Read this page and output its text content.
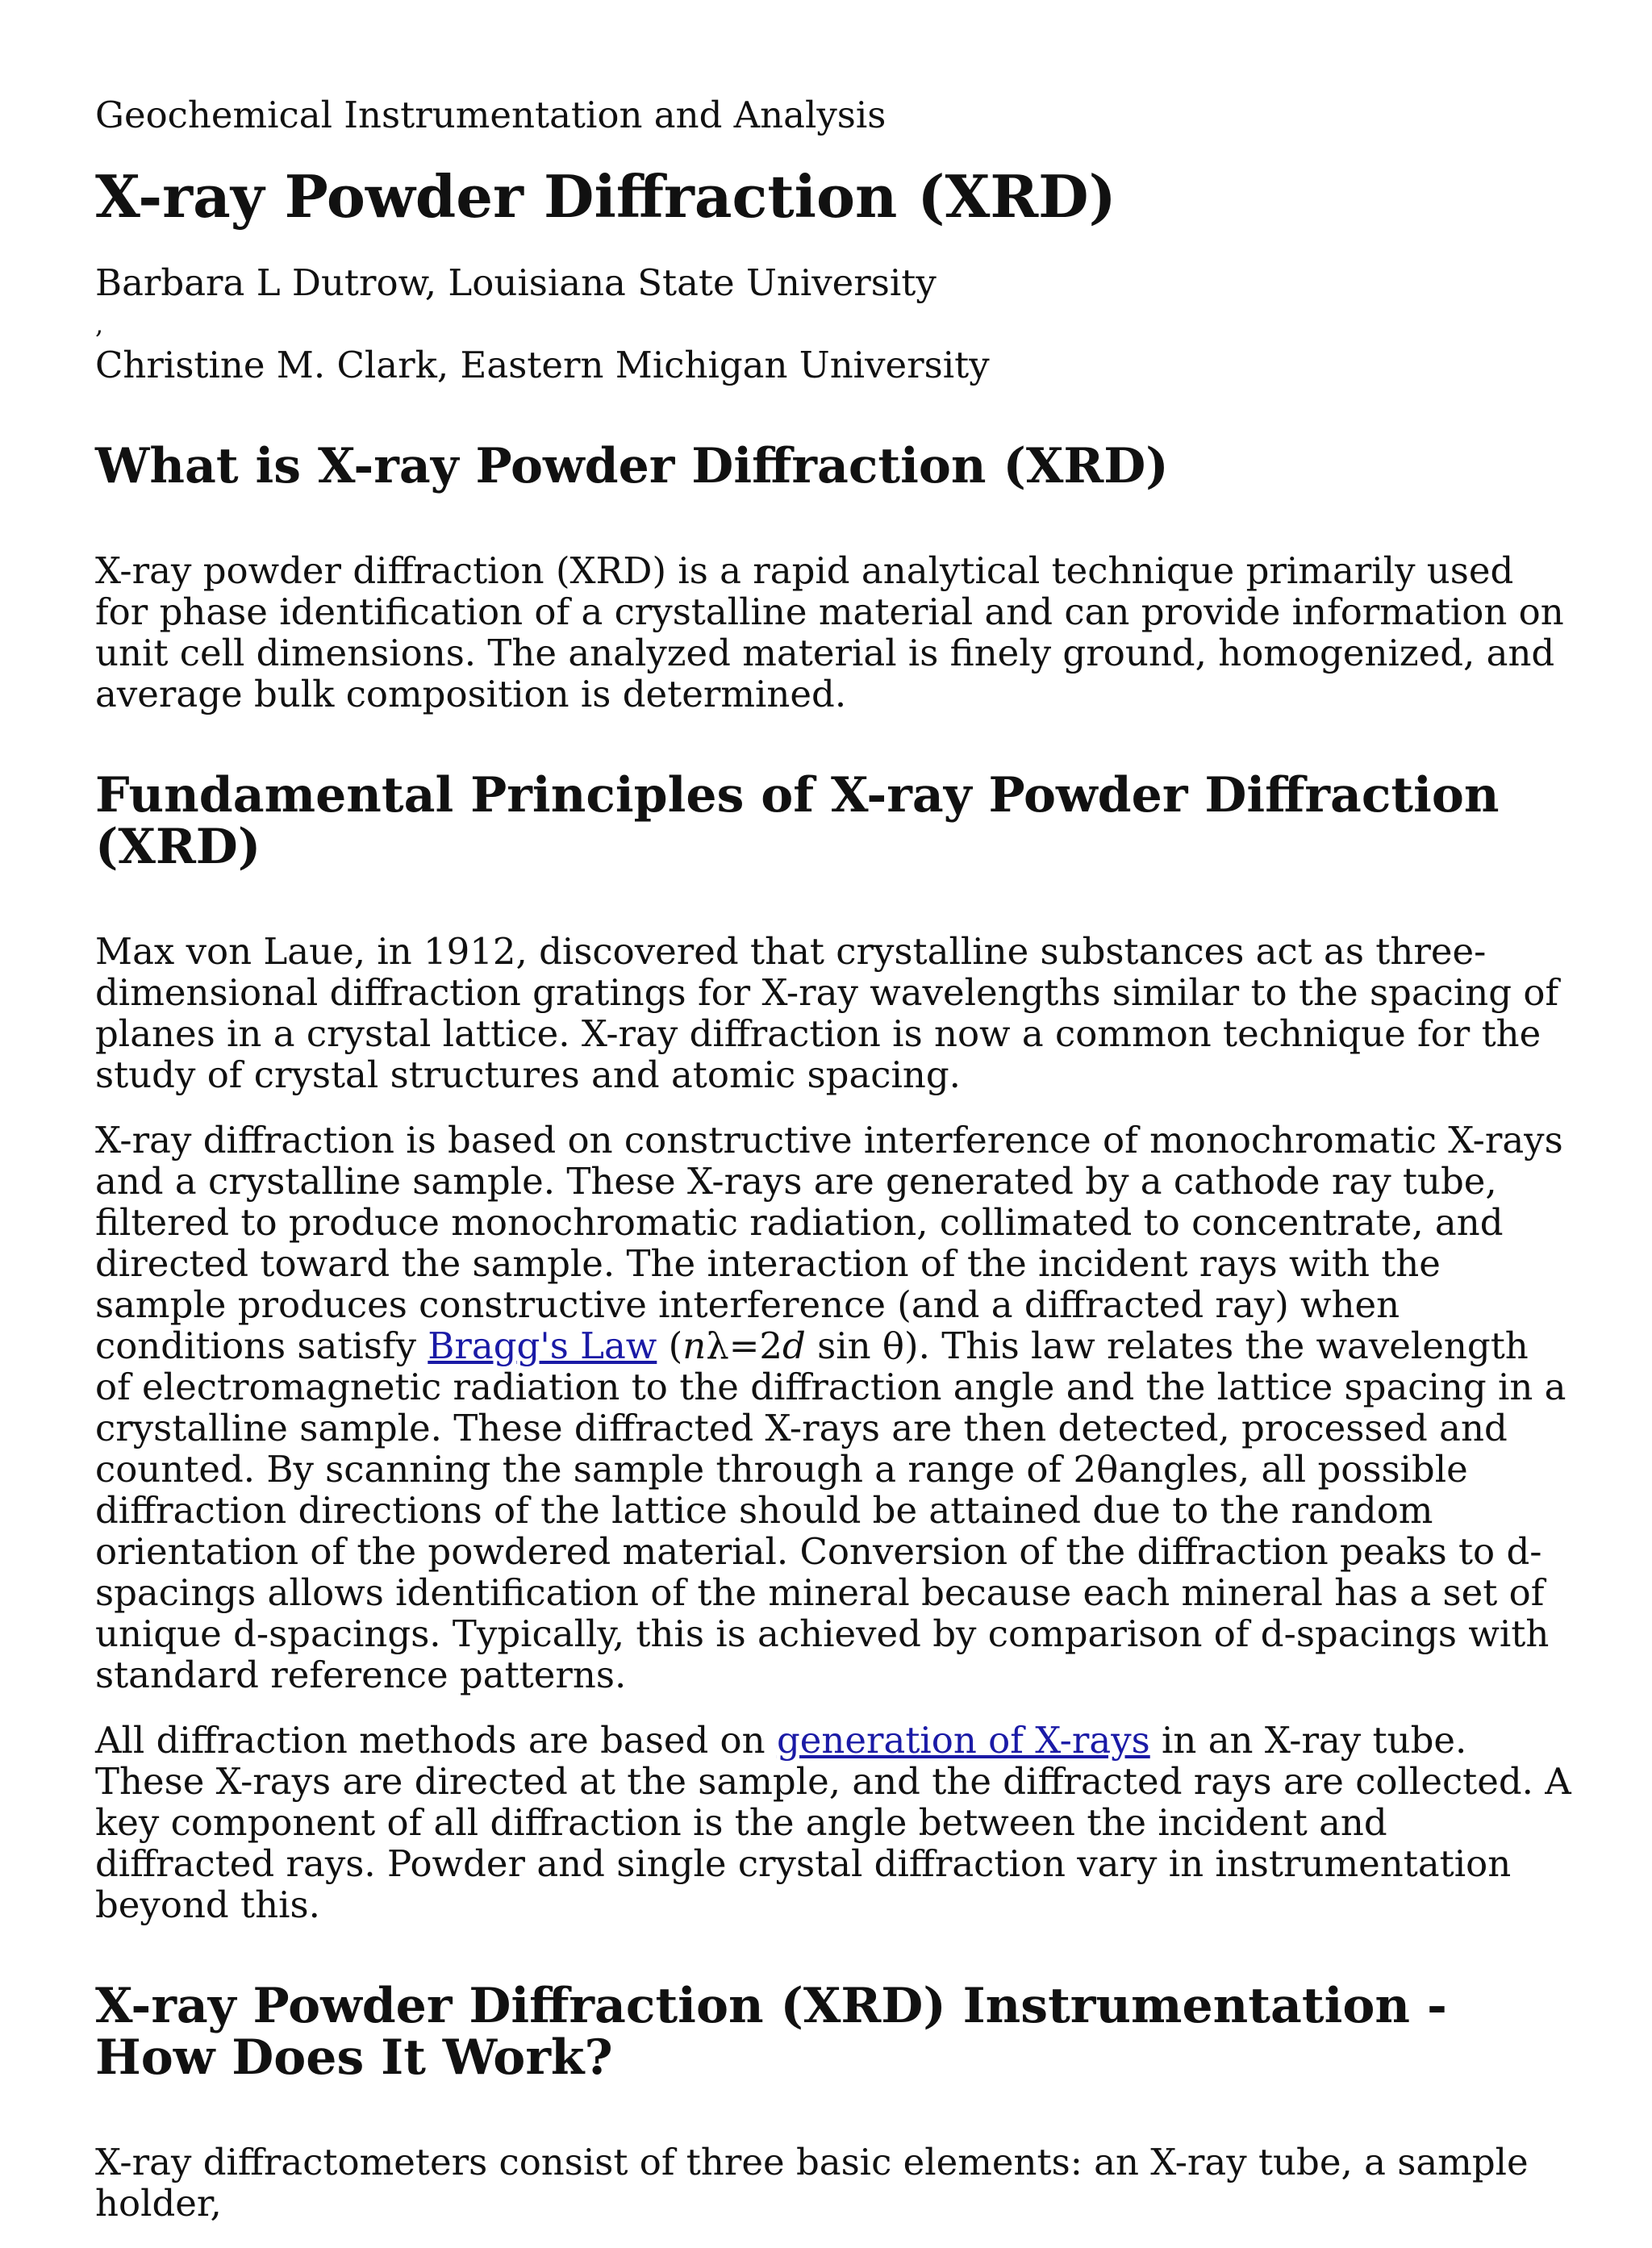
Geochemical Instrumentation and Analysis
X-ray Powder Diffraction (XRD)
Barbara L Dutrow, Louisiana State University
,
Christine M. Clark, Eastern Michigan University
What is X-ray Powder Diffraction (XRD)

X-ray powder diffraction (XRD) is a rapid analytical technique primarily used for phase identification of a crystalline material and can provide information on unit cell dimensions. The analyzed material is finely ground, homogenized, and average bulk composition is determined.

Fundamental Principles of X-ray Powder Diffraction (XRD)

Max von Laue, in 1912, discovered that crystalline substances act as three-dimensional diffraction gratings for X-ray wavelengths similar to the spacing of planes in a crystal lattice. X-ray diffraction is now a common technique for the study of crystal structures and atomic spacing.

X-ray diffraction is based on constructive interference of monochromatic X-rays and a crystalline sample. These X-rays are generated by a cathode ray tube, filtered to produce monochromatic radiation, collimated to concentrate, and directed toward the sample. The interaction of the incident rays with the sample produces constructive interference (and a diffracted ray) when conditions satisfy Bragg's Law (nλ=2d sin θ). This law relates the wavelength of electromagnetic radiation to the diffraction angle and the lattice spacing in a crystalline sample. These diffracted X-rays are then detected, processed and counted. By scanning the sample through a range of 2θangles, all possible diffraction directions of the lattice should be attained due to the random orientation of the powdered material. Conversion of the diffraction peaks to d-spacings allows identification of the mineral because each mineral has a set of unique d-spacings. Typically, this is achieved by comparison of d-spacings with standard reference patterns.

All diffraction methods are based on generation of X-rays in an X-ray tube. These X-rays are directed at the sample, and the diffracted rays are collected. A key component of all diffraction is the angle between the incident and diffracted rays. Powder and single crystal diffraction vary in instrumentation beyond this.

X-ray Powder Diffraction (XRD) Instrumentation - How Does It Work?

X-ray diffractometers consist of three basic elements: an X-ray tube, a sample holder,
